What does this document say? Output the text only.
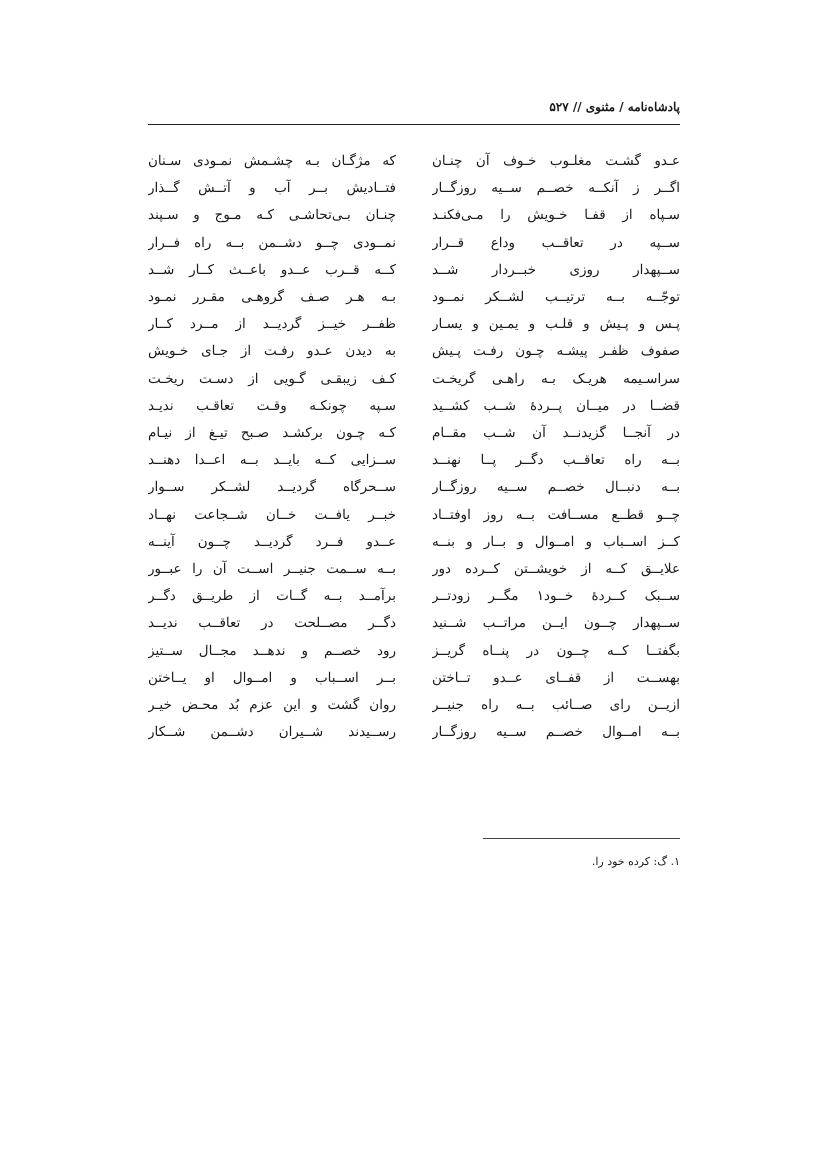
پادشاه‌نامه / مثنوی // ۵۲۷
عـدو گشـت مغلـوب خـوف آن چنـان
که مژگـان بـه چشـمش نمـودی سـنان
اگــر ز آنکــه خصــم ســیه روزگــار
فتــادیش بــر آب و آتــش گــذار
سـپاه از قفـا خـویش را مـی‌فکنـد
چنـان بـی‌تحاشـی کـه مـوج و سـپند
ســپه در تعاقــب وداع قــرار
نمــودی چــو دشــمن بــه راه فــرار
ســپهدار روزی خبــردار شــد
کــه قــرب عــدو باعــث کــار شــد
توجّــه بــه ترتیــب لشــکر نمــود
بـه هـر صـف گروهـی مقـرر نمـود
پـس و پـیش و قلـب و یمـین و یسـار
ظفــر خیــز گردیــد از مــرد کــار
صفوف ظفـر پیشـه چـون رفـت پـیش
به دیدن عـدو رفـت از جـای خـویش
سراسـیمه هریـک بـه راهـی گریخـت
کـف زیبقـی گـویی از دسـت ریخـت
قضــا در میــان پــردهٔ شــب کشــید
سـپه چونکـه وقـت تعاقـب ندیـد
در آنجــا گزیدنــد آن شــب مقــام
کـه چـون برکشـد صـبح تیـغ از نیـام
بــه راه تعاقــب دگــر پــا نهنــد
ســزایی کــه بایــد بــه اعــدا دهنــد
بــه دنبــال خصــم ســیه روزگــار
ســحرگاه گردیــد لشــکر ســوار
چــو قطــع مســافت بــه روز اوفتــاد
خبــر یافــت خــان شــجاعت نهــاد
کــز اســباب و امــوال و بــار و بنــه
عــدو فــرد گردیــد چــون آینــه
علایــق کــه از خویشــتن کــرده دور
بــه ســمت جنیــر اســت آن را عبــور
ســبک کــردهٔ خــود۱ مگــر زودتــر
برآمــد بــه گــات از طریــق دگــر
ســپهدار چــون ایــن مراتــب شــنید
دگــر مصــلحت در تعاقــب ندیــد
بگفتــا کــه چــون در پنــاه گریــز
رود خصــم و ندهــد مجــال ســتیز
بهســت از قفــای عــدو تــاختن
بــر اســباب و امــوال او یــاختن
ازیــن رای صــائب بــه راه جنیــر
روان گشت و این عزم بُد محـض خیـر
بــه امــوال خصــم ســیه روزگــار
رســیدند شــیران دشــمن شــکار
۱. گ: کرده خود را.
